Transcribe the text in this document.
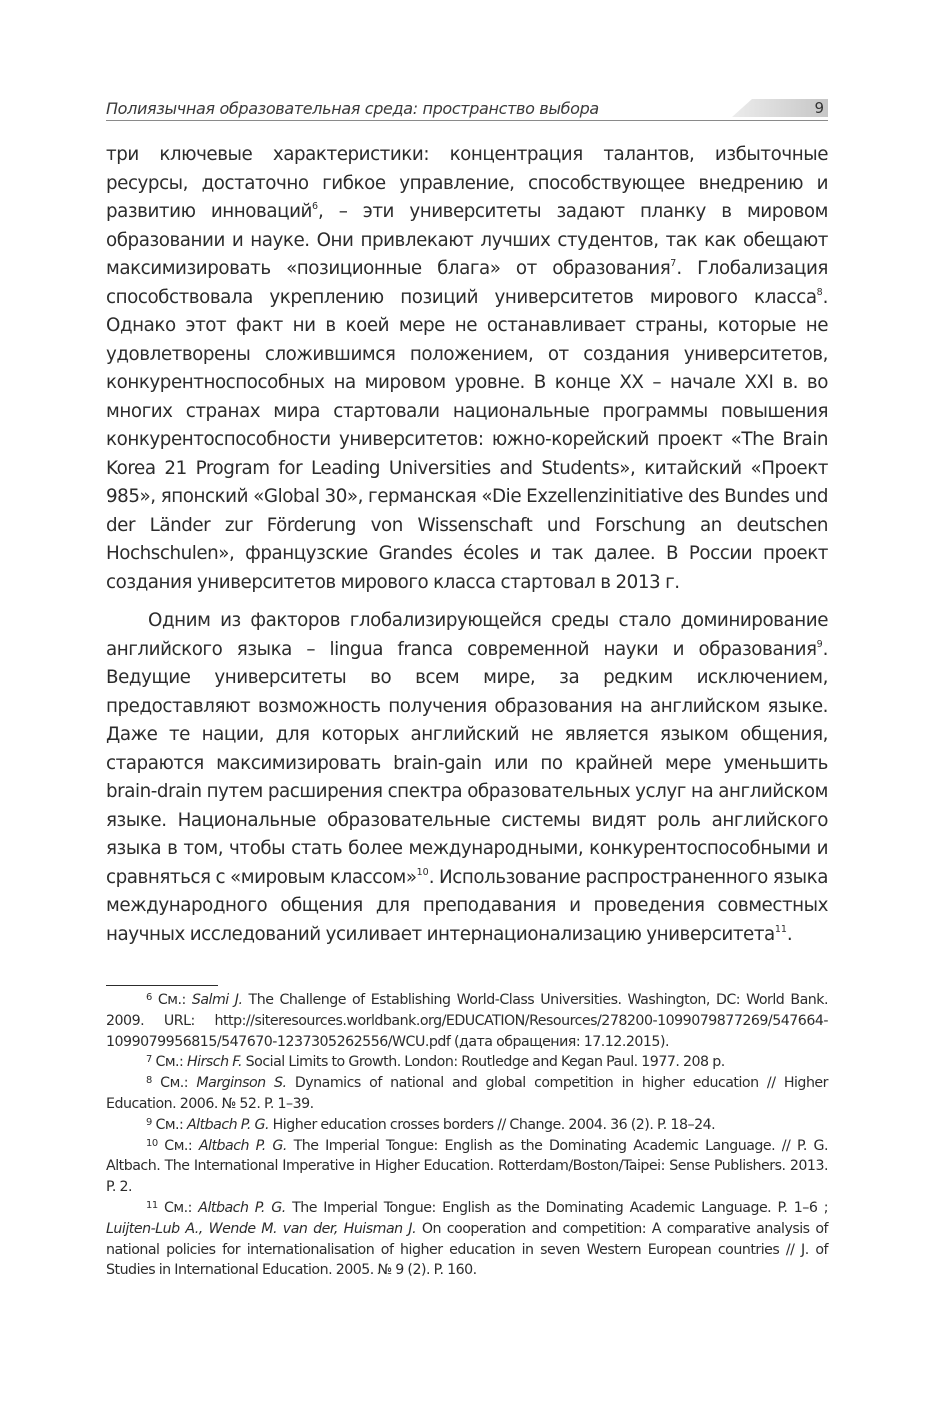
Полиязычная образовательная среда: пространство выбора	9

три ключевые характеристики: концентрация талантов, избыточные ресурсы, достаточно гибкое управление, способствующее внедрению и развитию инноваций$^6$, – эти университеты задают планку в мировом образовании и науке. Они привлекают лучших студентов, так как обещают максимизировать «позиционные блага» от образования$^7$. Глобализация способствовала укреплению позиций университетов мирового класса$^8$. Однако этот факт ни в коей мере не останавливает страны, которые не удовлетворены сложившимся положением, от создания университетов, конкурентноспособных на мировом уровне. В конце XX – начале XXI в. во многих странах мира стартовали национальные программы повышения конкурентоспособности университетов: южно-корейский проект «The Brain Korea 21 Program for Leading Universities and Students», китайский «Проект 985», японский «Global 30», германская «Die Exzellenzinitiative des Bundes und der Länder zur Förderung von Wissenschaft und Forschung an deutschen Hochschulen», французские Grandes écoles и так далее. В России проект создания университетов мирового класса стартовал в 2013 г.

Одним из факторов глобализирующейся среды стало доминирование английского языка – lingua franca современной науки и образования$^9$. Ведущие университеты во всем мире, за редким исключением, предоставляют возможность получения образования на английском языке. Даже те нации, для которых английский не является языком общения, стараются максимизировать brain-gain или по крайней мере уменьшить brain-drain путем расширения спектра образовательных услуг на английском языке. Национальные образовательные системы видят роль английского языка в том, чтобы стать более международными, конкурентоспособными и сравняться с «мировым классом»$^{10}$. Использование распространенного языка международного общения для преподавания и проведения совместных научных исследований усиливает интернационализацию университета$^{11}$.

$^6$ См.: Salmi J. The Challenge of Establishing World-Class Universities. Washington, DC: World Bank. 2009. URL: http://siteresources.worldbank.org/EDUCATION/Resources/278200-1099079877269/547664-1099079956815/547670-1237305262556/WCU.pdf (дата обращения: 17.12.2015).

$^7$ См.: Hirsch F. Social Limits to Growth. London: Routledge and Kegan Paul. 1977. 208 p.

$^8$ См.: Marginson S. Dynamics of national and global competition in higher education // Higher Education. 2006. № 52. P. 1–39.

$^9$ См.: Altbach P. G. Higher education crosses borders // Change. 2004. 36 (2). P. 18–24.

$^{10}$ См.: Altbach P. G. The Imperial Tongue: English as the Dominating Academic Language. // P. G. Altbach. The International Imperative in Higher Education. Rotterdam/Boston/Taipei: Sense Publishers. 2013. P. 2.

$^{11}$ См.: Altbach P. G. The Imperial Tongue: English as the Dominating Academic Language. P. 1–6 ; Luijten-Lub A., Wende M. van der, Huisman J. On cooperation and competition: A comparative analysis of national policies for internationalisation of higher education in seven Western European countries // J. of Studies in International Education. 2005. № 9 (2). P. 160.
